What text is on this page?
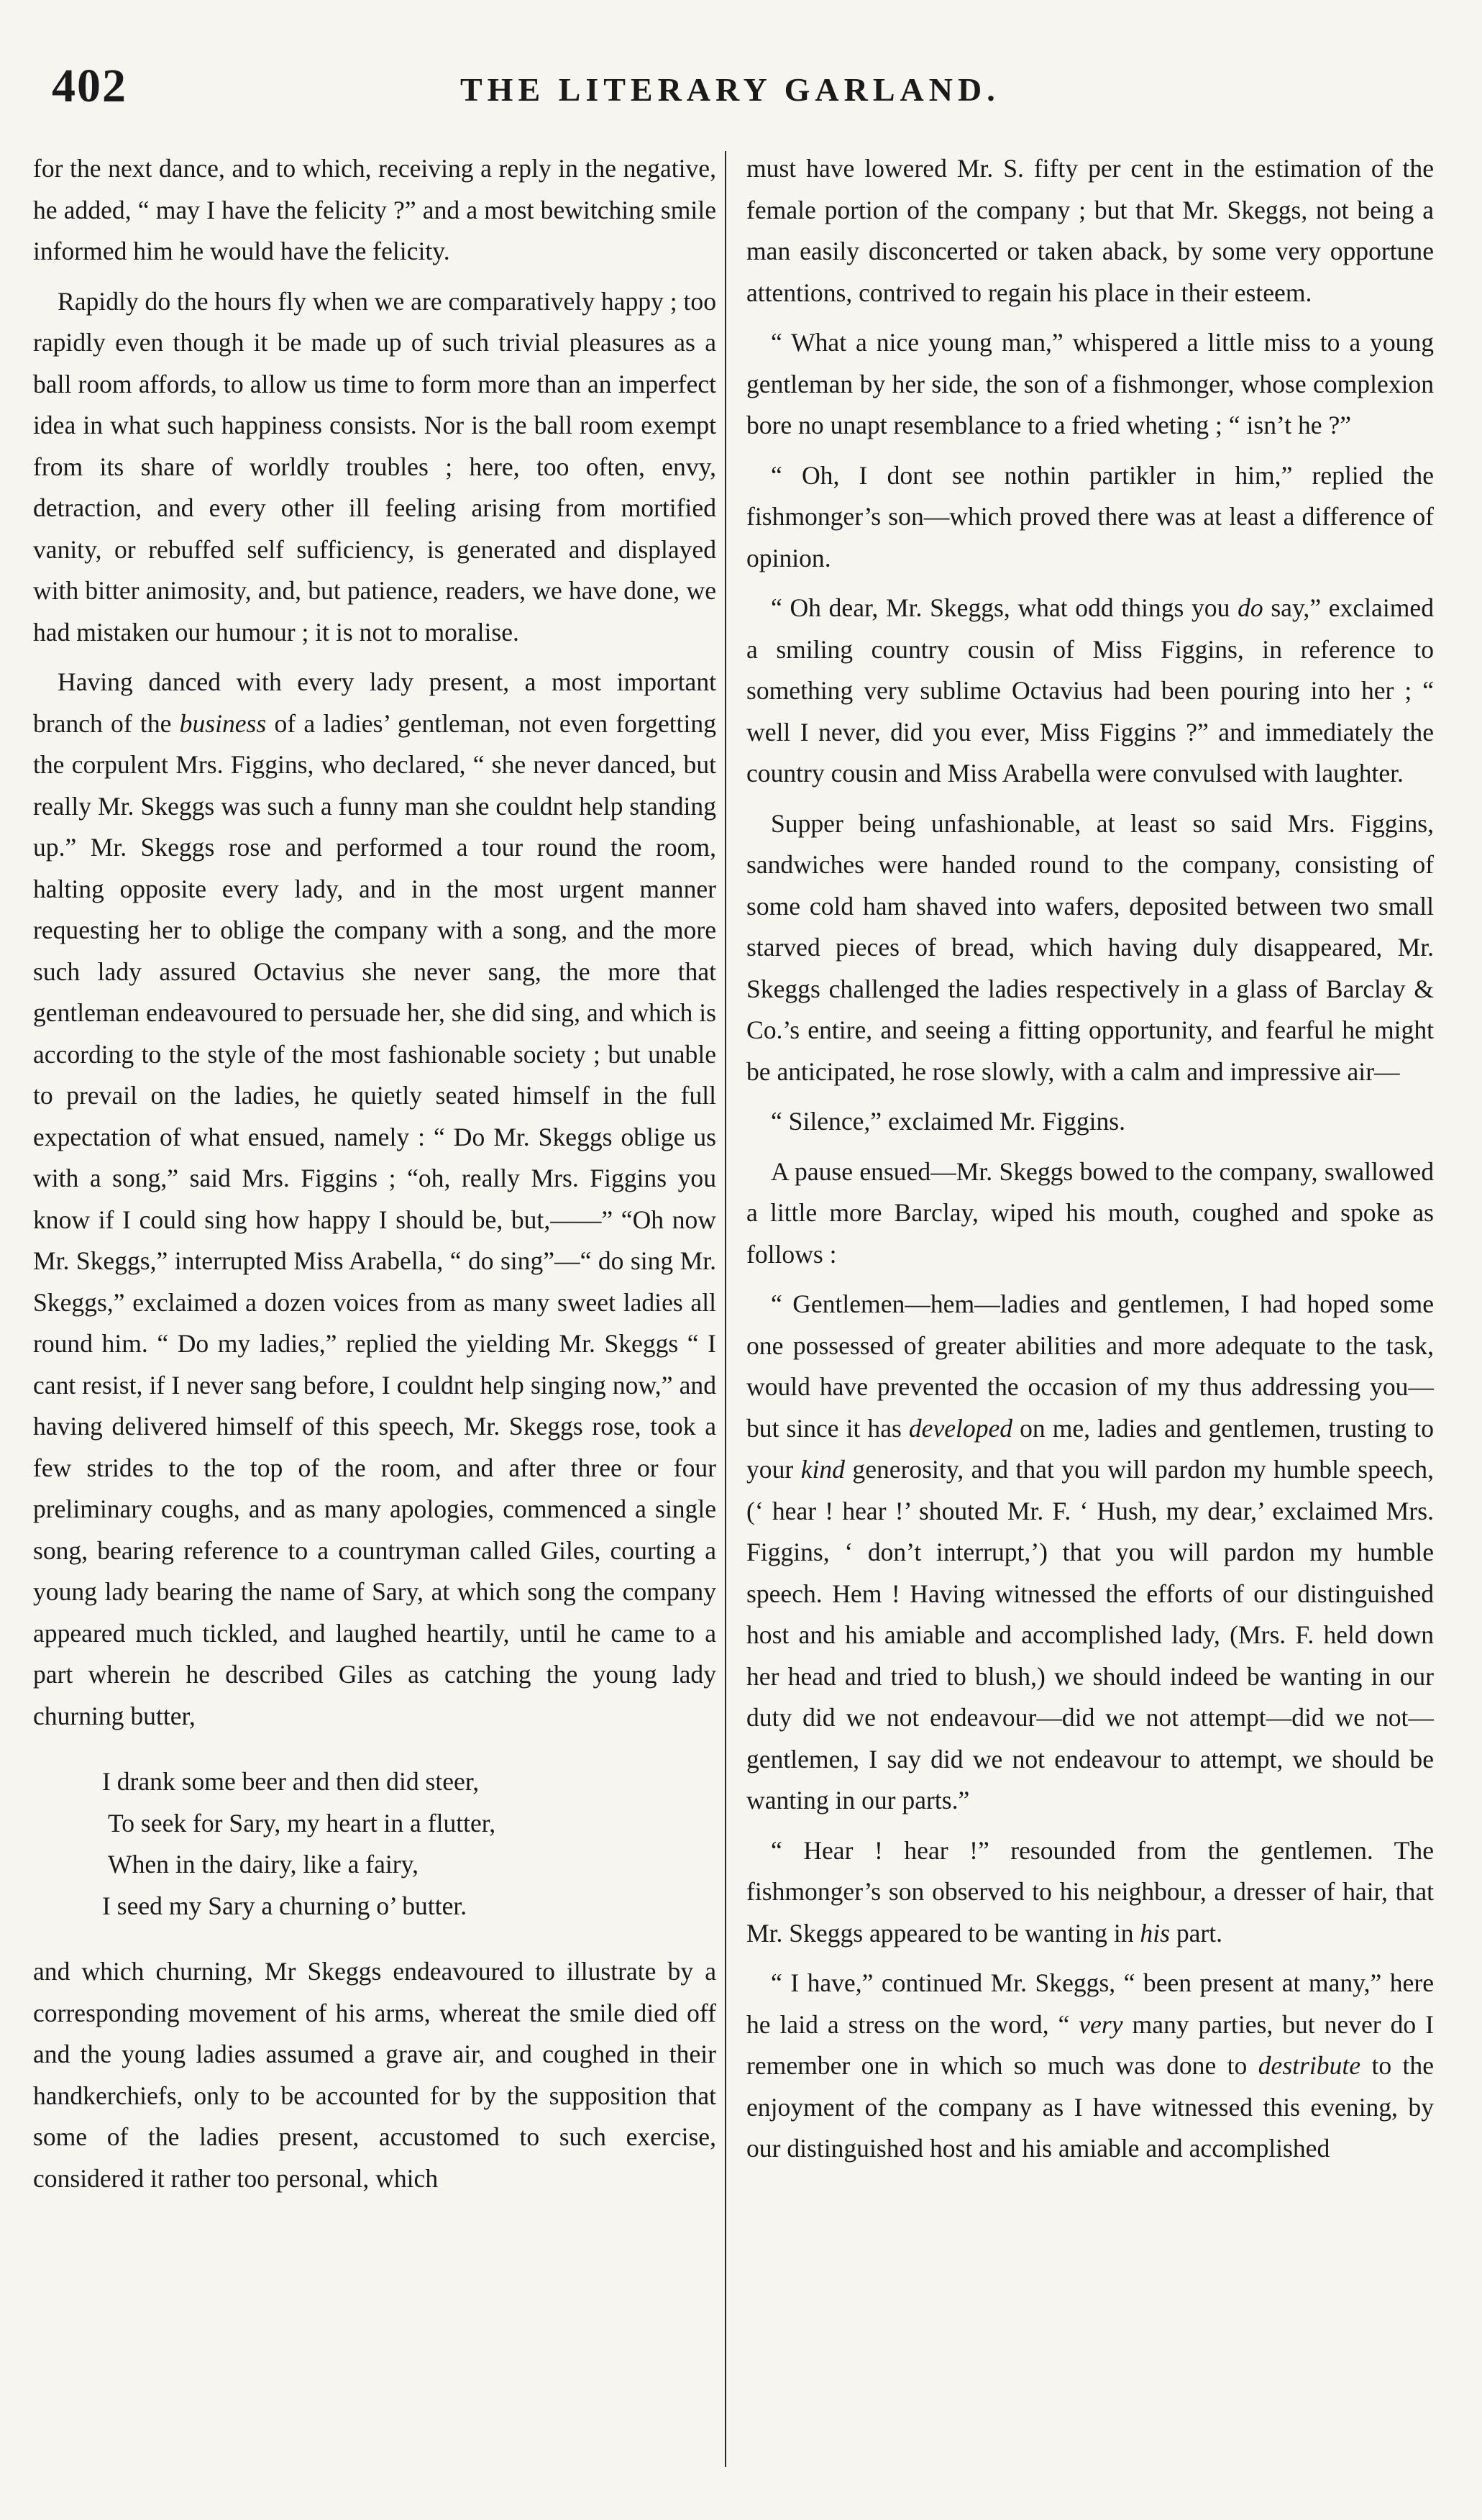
402	THE LITERARY GARLAND.

for the next dance, and to which, receiving a reply in the negative, he added, “ may I have the felicity ?” and a most bewitching smile informed him he would have the felicity.

Rapidly do the hours fly when we are comparatively happy ; too rapidly even though it be made up of such trivial pleasures as a ball room affords, to allow us time to form more than an imperfect idea in what such happiness consists. Nor is the ball room exempt from its share of worldly troubles ; here, too often, envy, detraction, and every other ill feeling arising from mortified vanity, or rebuffed self sufficiency, is generated and displayed with bitter animosity, and, but patience, readers, we have done, we had mistaken our humour ; it is not to moralise.

Having danced with every lady present, a most important branch of the business of a ladies’ gentleman, not even forgetting the corpulent Mrs. Figgins, who declared, “ she never danced, but really Mr. Skeggs was such a funny man she couldnt help standing up.” Mr. Skeggs rose and performed a tour round the room, halting opposite every lady, and in the most urgent manner requesting her to oblige the company with a song, and the more such lady assured Octavius she never sang, the more that gentleman endeavoured to persuade her, she did sing, and which is according to the style of the most fashionable society ; but unable to prevail on the ladies, he quietly seated himself in the full expectation of what ensued, namely : “ Do Mr. Skeggs oblige us with a song,” said Mrs. Figgins ; “oh, really Mrs. Figgins you know if I could sing how happy I should be, but,——” “Oh now Mr. Skeggs,” interrupted Miss Arabella, “ do sing”—“ do sing Mr. Skeggs,” exclaimed a dozen voices from as many sweet ladies all round him. “ Do my ladies,” replied the yielding Mr. Skeggs “ I cant resist, if I never sang before, I couldnt help singing now,” and having delivered himself of this speech, Mr. Skeggs rose, took a few strides to the top of the room, and after three or four preliminary coughs, and as many apologies, commenced a single song, bearing reference to a countryman called Giles, courting a young lady bearing the name of Sary, at which song the company appeared much tickled, and laughed heartily, until he came to a part wherein he described Giles as catching the young lady churning butter,

I drank some beer and then did steer,
To seek for Sary, my heart in a flutter,
When in the dairy, like a fairy,
I seed my Sary a churning o’ butter.

and which churning, Mr Skeggs endeavoured to illustrate by a corresponding movement of his arms, whereat the smile died off and the young ladies assumed a grave air, and coughed in their handkerchiefs, only to be accounted for by the supposition that some of the ladies present, accustomed to such exercise, considered it rather too personal, which

must have lowered Mr. S. fifty per cent in the estimation of the female portion of the company ; but that Mr. Skeggs, not being a man easily disconcerted or taken aback, by some very opportune attentions, contrived to regain his place in their esteem.

“ What a nice young man,” whispered a little miss to a young gentleman by her side, the son of a fishmonger, whose complexion bore no unapt resemblance to a fried wheting ; “ isn’t he ?”

“ Oh, I dont see nothin partikler in him,” replied the fishmonger’s son—which proved there was at least a difference of opinion.

“ Oh dear, Mr. Skeggs, what odd things you do say,” exclaimed a smiling country cousin of Miss Figgins, in reference to something very sublime Octavius had been pouring into her ; “ well I never, did you ever, Miss Figgins ?” and immediately the country cousin and Miss Arabella were convulsed with laughter.

Supper being unfashionable, at least so said Mrs. Figgins, sandwiches were handed round to the company, consisting of some cold ham shaved into wafers, deposited between two small starved pieces of bread, which having duly disappeared, Mr. Skeggs challenged the ladies respectively in a glass of Barclay & Co.’s entire, and seeing a fitting opportunity, and fearful he might be anticipated, he rose slowly, with a calm and impressive air—

“ Silence,” exclaimed Mr. Figgins.

A pause ensued—Mr. Skeggs bowed to the company, swallowed a little more Barclay, wiped his mouth, coughed and spoke as follows :

“ Gentlemen—hem—ladies and gentlemen, I had hoped some one possessed of greater abilities and more adequate to the task, would have prevented the occasion of my thus addressing you—but since it has developed on me, ladies and gentlemen, trusting to your kind generosity, and that you will pardon my humble speech, (‘ hear ! hear !’ shouted Mr. F. ‘ Hush, my dear,’ exclaimed Mrs. Figgins, ‘ don’t interrupt,’) that you will pardon my humble speech. Hem ! Having witnessed the efforts of our distinguished host and his amiable and accomplished lady, (Mrs. F. held down her head and tried to blush,) we should indeed be wanting in our duty did we not endeavour—did we not attempt—did we not—gentlemen, I say did we not endeavour to attempt, we should be wanting in our parts.”

“ Hear ! hear !” resounded from the gentlemen. The fishmonger’s son observed to his neighbour, a dresser of hair, that Mr. Skeggs appeared to be wanting in his part.

“ I have,” continued Mr. Skeggs, “ been present at many,” here he laid a stress on the word, “ very many parties, but never do I remember one in which so much was done to destribute to the enjoyment of the company as I have witnessed this evening, by our distinguished host and his amiable and accomplished
